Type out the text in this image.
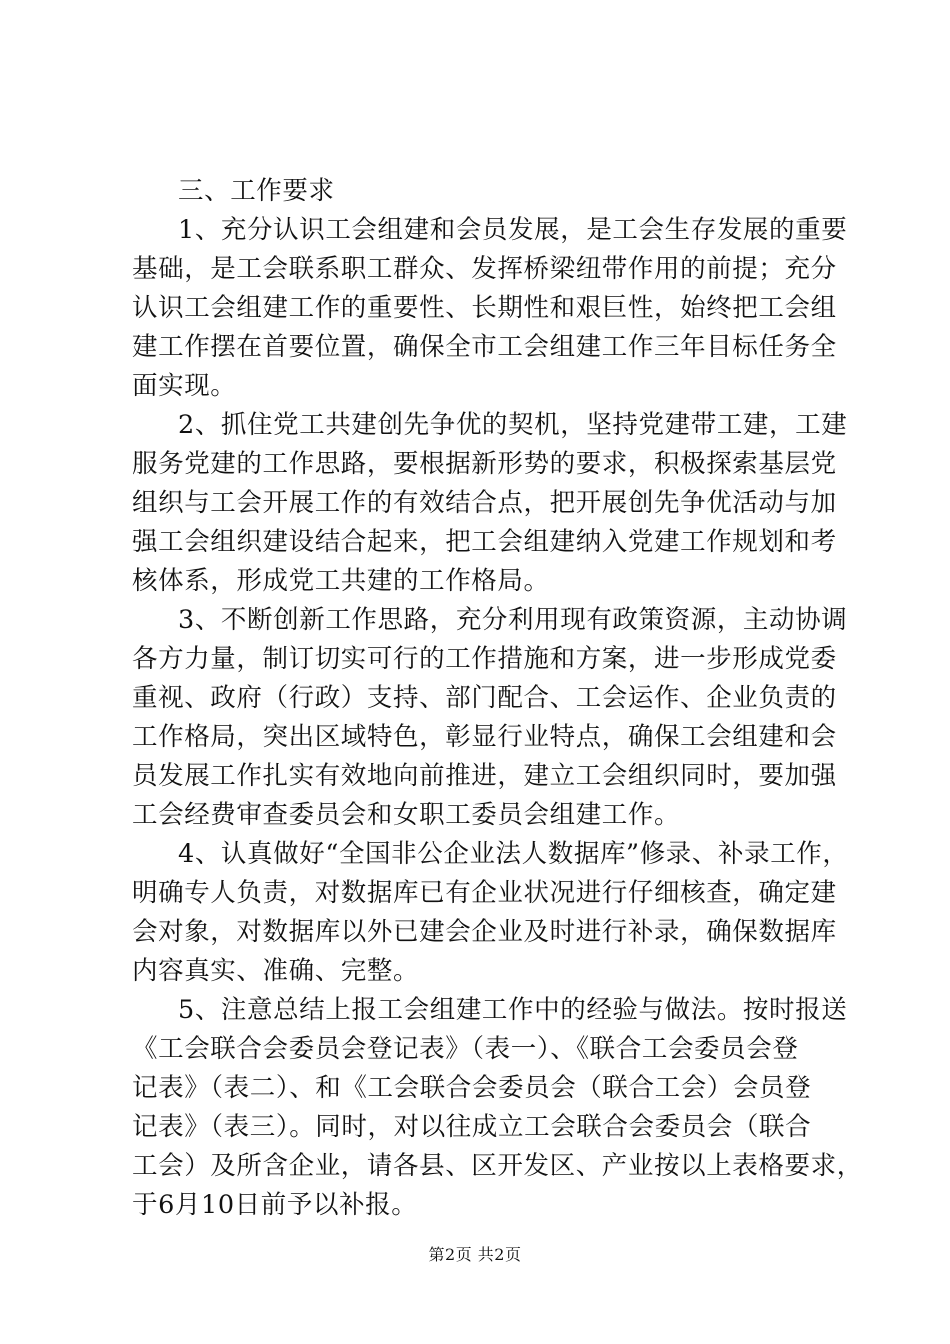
三、工作要求
1、充分认识工会组建和会员发展，是工会生存发展的重要
基础，是工会联系职工群众、发挥桥梁纽带作用的前提；充分
认识工会组建工作的重要性、长期性和艰巨性，始终把工会组
建工作摆在首要位置，确保全市工会组建工作三年目标任务全
面实现。
2、抓住党工共建创先争优的契机，坚持党建带工建，工建
服务党建的工作思路，要根据新形势的要求，积极探索基层党
组织与工会开展工作的有效结合点，把开展创先争优活动与加
强工会组织建设结合起来，把工会组建纳入党建工作规划和考
核体系，形成党工共建的工作格局。
3、不断创新工作思路，充分利用现有政策资源，主动协调
各方力量，制订切实可行的工作措施和方案，进一步形成党委
重视、政府（行政）支持、部门配合、工会运作、企业负责的
工作格局，突出区域特色，彰显行业特点，确保工会组建和会
员发展工作扎实有效地向前推进，建立工会组织同时，要加强
工会经费审查委员会和女职工委员会组建工作。
4、认真做好“全国非公企业法人数据库”修录、补录工作，
明确专人负责，对数据库已有企业状况进行仔细核查，确定建
会对象，对数据库以外已建会企业及时进行补录，确保数据库
内容真实、准确、完整。
5、注意总结上报工会组建工作中的经验与做法。按时报送
《工会联合会委员会登记表》（表一）、《联合工会委员会登
记表》（表二）、和《工会联合会委员会（联合工会）会员登
记表》（表三）。同时，对以往成立工会联合会委员会（联合
工会）及所含企业，请各县、区开发区、产业按以上表格要求，
于6月10日前予以补报。
第2页 共2页
